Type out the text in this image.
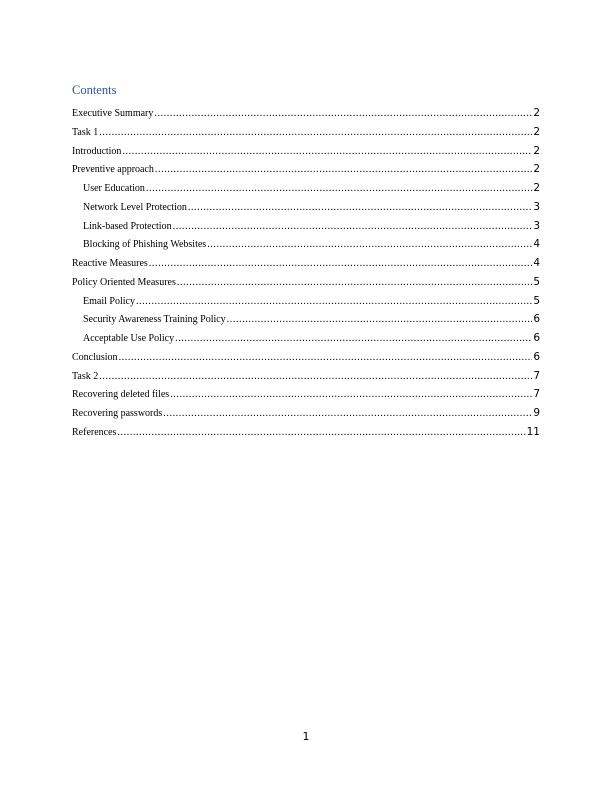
Contents
Executive Summary .....	2
Task 1 .....	2
Introduction .....	2
Preventive approach .....	2
User Education .....	2
Network Level Protection .....	3
Link-based Protection .....	3
Blocking of Phishing Websites .....	4
Reactive Measures .....	4
Policy Oriented Measures .....	5
Email Policy .....	5
Security Awareness Training Policy .....	6
Acceptable Use Policy .....	6
Conclusion .....	6
Task 2 .....	7
Recovering deleted files .....	7
Recovering passwords .....	9
References .....	11
1
